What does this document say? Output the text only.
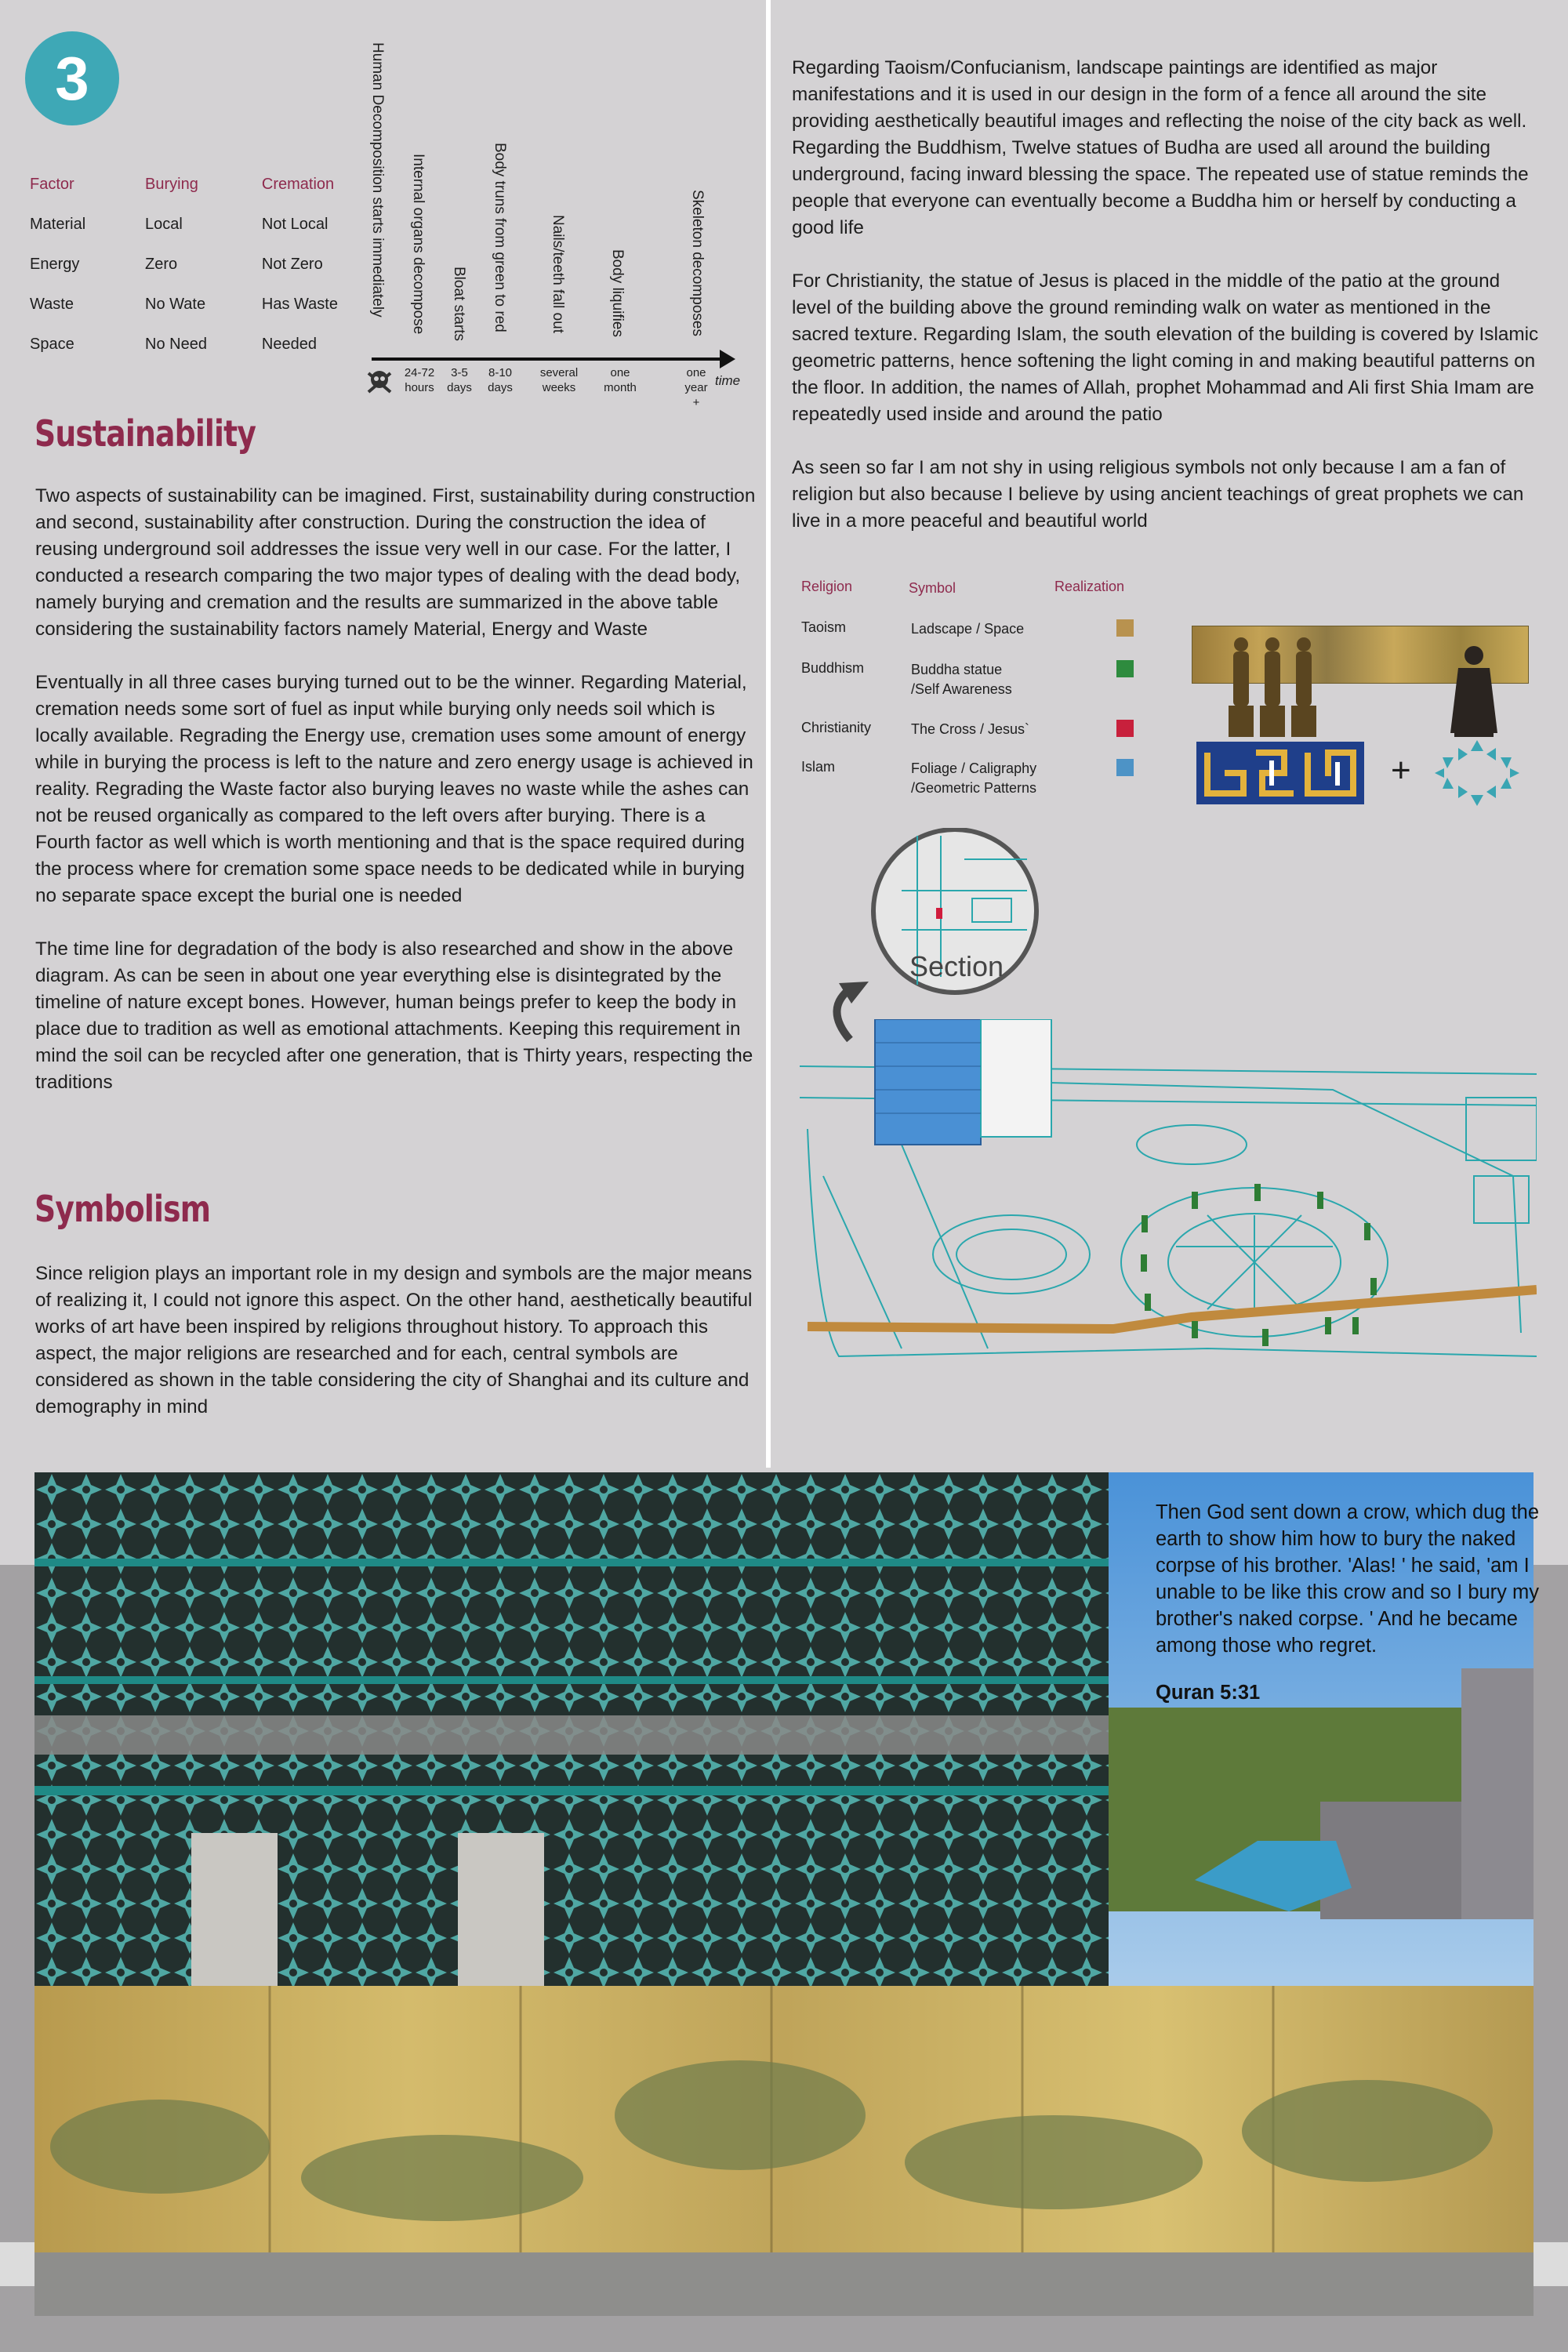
3
Factor	Burying	Cremation
Material	Local	Not Local
Energy	Zero	Not Zero
Waste	No Wate	Has Waste
Space	No Need	Needed
Human Decomposition starts immediately Internal organs decompose Bloat starts Body truns from green to red	Nails/teeth fall out	Body liquifies	Skeleton decomposes
24-72
hours
3-5
days
8-10
days
several
weeks
one
month
one
year
+
time
Sustainability

Two aspects of sustainability can be imagined. First, sustainability during construction and second, sustainability after construction. During the construction the idea of reusing underground soil addresses the issue very well in our case. For the latter, I conducted a research comparing the two major types of dealing with the dead body, namely burying and cremation and the results are summarized in the above table considering the sustainability factors namely Material, Energy and Waste

Eventually in all three cases burying turned out to be the winner. Regarding Material, cremation needs some sort of fuel as input while burying only needs soil which is locally available. Regrading the Energy use, cremation uses some amount of energy while in burying the process is left to the nature and zero energy usage is achieved in reality. Regrading the Waste factor also burying leaves no waste while the ashes can not be reused organically as compared to the left overs after burying. There is a Fourth factor as well which is worth mentioning and that is the space required during the process where for cremation some space needs to be dedicated while in burying no separate space except the burial one is needed

The time line for degradation of the body is also researched and show in the above diagram. As can be seen in about one year everything else is disintegrated by the timeline of nature except bones. However, human beings prefer to keep the body in place due to tradition as well as emotional attachments. Keeping this requirement in mind the soil can be recycled after one generation, that is Thirty years, respecting the traditions

Symbolism

Since religion plays an important role in my design and symbols are the major means of realizing it, I could not ignore this aspect. On the other hand, aesthetically beautiful works of art have been inspired by religions throughout history. To approach this aspect, the major religions are researched and for each, central symbols are considered as shown in the table considering the city of Shanghai and its culture and demography in mind

Regarding Taoism/Confucianism, landscape paintings are identified as major manifestations and it is used in our design in the form of a fence all around the site providing aesthetically beautiful images and reflecting the noise of the city back as well. Regarding the Buddhism, Twelve statues of Budha are used all around the building underground, facing inward blessing the space. The repeated use of statue reminds the people that everyone can eventually become a Buddha him or herself by conducting a good life

For Christianity, the statue of Jesus is placed in the middle of the patio at the ground level of the building above the ground reminding walk on water as mentioned in the sacred texture. Regarding Islam, the south elevation of the building is covered by Islamic geometric patterns, hence softening the light coming in and making beautiful patterns on the floor. In addition, the names of Allah, prophet Mohammad and Ali first Shia Imam are repeatedly used inside and around the patio

As seen so far I am not shy in using religious symbols not only because I am a fan of religion but also because I believe by using ancient teachings of great prophets we can live in a more peaceful and beautiful world

Religion	Symbol	Realization
Taoism	Ladscape / Space
Buddhism	Buddha statue
/Self Awareness
Christianity	The Cross / Jesus`
Islam	Foliage / Caligraphy
/Geometric Patterns	+
Section
Then God sent down a crow, which dug the earth to show him how to bury the naked corpse of his brother. 'Alas! ' he said, 'am I unable to be like this crow and so I bury my brother's naked corpse. ' And he became among those who regret.
Quran 5:31
